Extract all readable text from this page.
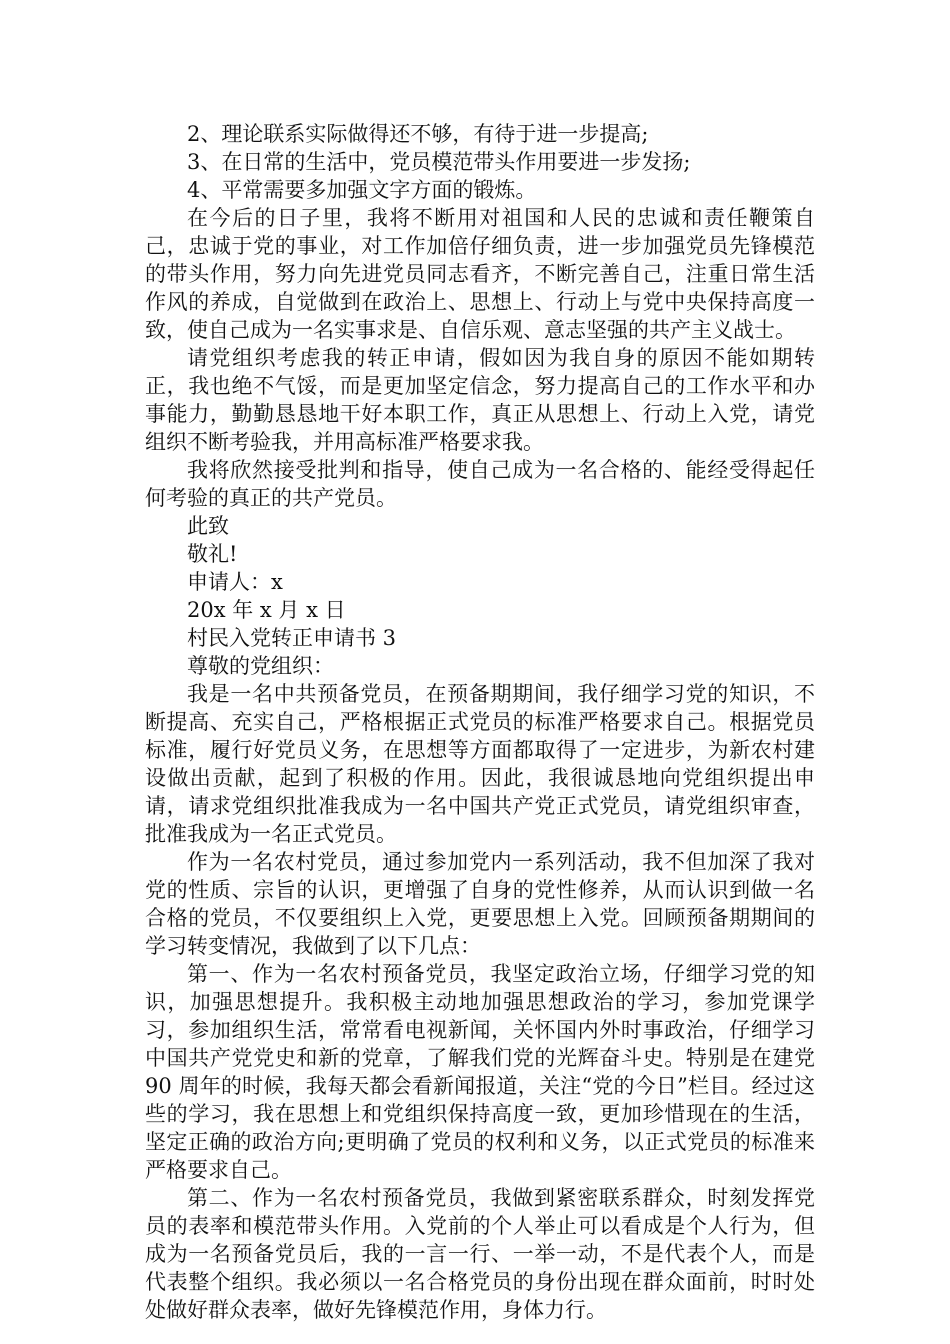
2、理论联系实际做得还不够，有待于进一步提高;

3、在日常的生活中，党员模范带头作用要进一步发扬;

4、平常需要多加强文字方面的锻炼。

在今后的日子里，我将不断用对祖国和人民的忠诚和责任鞭策自己，忠诚于党的事业，对工作加倍仔细负责，进一步加强党员先锋模范的带头作用，努力向先进党员同志看齐，不断完善自己，注重日常生活作风的养成，自觉做到在政治上、思想上、行动上与党中央保持高度一致，使自己成为一名实事求是、自信乐观、意志坚强的共产主义战士。

请党组织考虑我的转正申请，假如因为我自身的原因不能如期转正，我也绝不气馁，而是更加坚定信念，努力提高自己的工作水平和办事能力，勤勤恳恳地干好本职工作，真正从思想上、行动上入党，请党组织不断考验我，并用高标准严格要求我。

我将欣然接受批判和指导，使自己成为一名合格的、能经受得起任何考验的真正的共产党员。

此致

敬礼!

申请人：x

20x 年 x 月 x 日

村民入党转正申请书 3

尊敬的党组织：

我是一名中共预备党员，在预备期期间，我仔细学习党的知识，不断提高、充实自己，严格根据正式党员的标准严格要求自己。根据党员标准，履行好党员义务，在思想等方面都取得了一定进步，为新农村建设做出贡献，起到了积极的作用。因此，我很诚恳地向党组织提出申请，请求党组织批准我成为一名中国共产党正式党员，请党组织审查，批准我成为一名正式党员。

作为一名农村党员，通过参加党内一系列活动，我不但加深了我对党的性质、宗旨的认识，更增强了自身的党性修养，从而认识到做一名合格的党员，不仅要组织上入党，更要思想上入党。回顾预备期期间的学习转变情况，我做到了以下几点：

第一、作为一名农村预备党员，我坚定政治立场，仔细学习党的知识，加强思想提升。我积极主动地加强思想政治的学习，参加党课学习，参加组织生活，常常看电视新闻，关怀国内外时事政治，仔细学习中国共产党党史和新的党章，了解我们党的光辉奋斗史。特别是在建党 90 周年的时候，我每天都会看新闻报道，关注“党的今日”栏目。经过这些的学习，我在思想上和党组织保持高度一致，更加珍惜现在的生活，坚定正确的政治方向;更明确了党员的权利和义务，以正式党员的标准来严格要求自己。

第二、作为一名农村预备党员，我做到紧密联系群众，时刻发挥党员的表率和模范带头作用。入党前的个人举止可以看成是个人行为，但成为一名预备党员后，我的一言一行、一举一动，不是代表个人，而是代表整个组织。我必须以一名合格党员的身份出现在群众面前，时时处处做好群众表率，做好先锋模范作用，身体力行。
